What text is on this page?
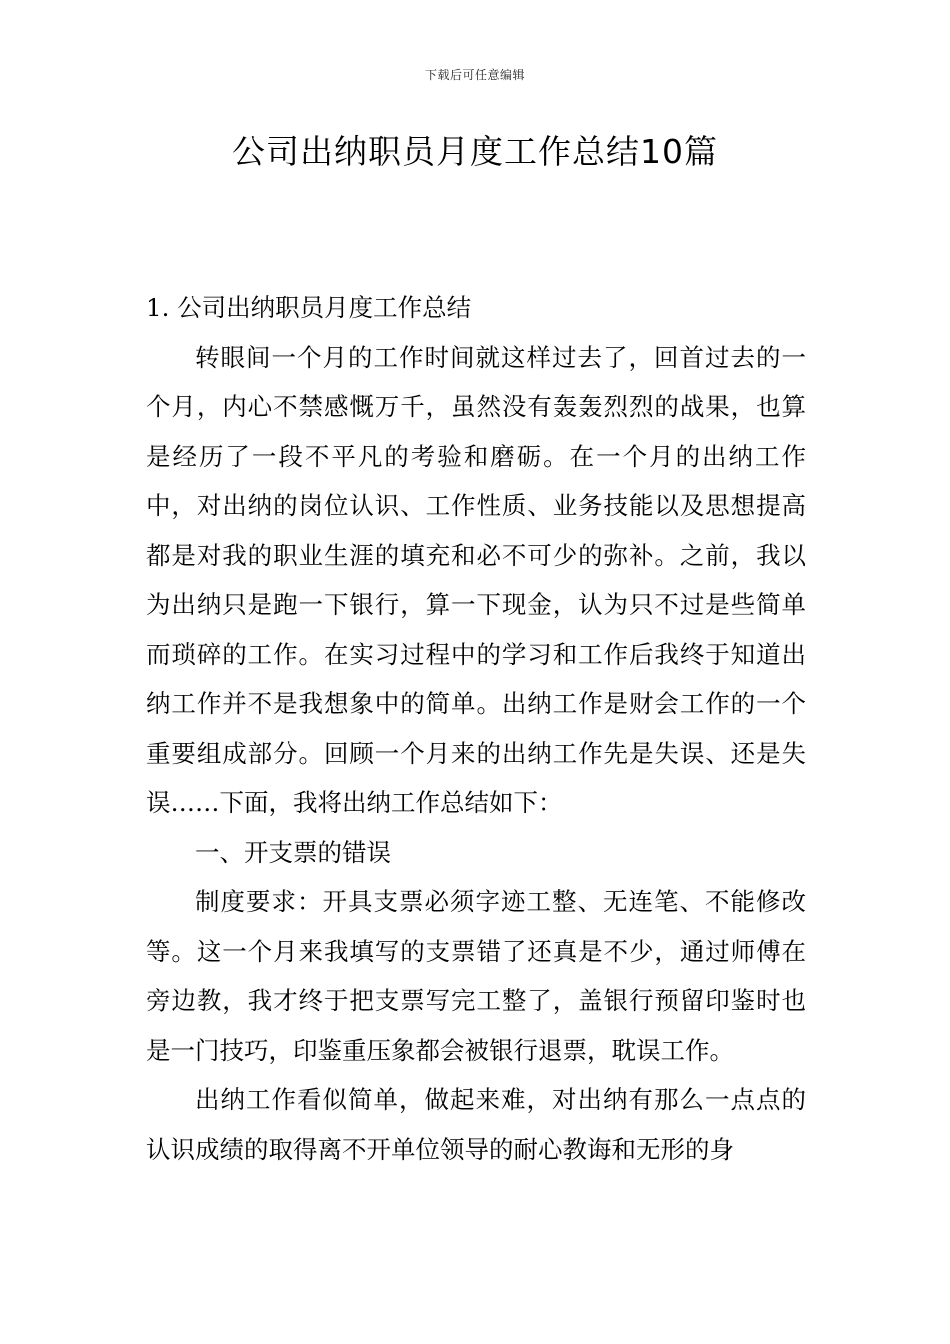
下载后可任意编辑
公司出纳职员月度工作总结10篇

1. 公司出纳职员月度工作总结

转眼间一个月的工作时间就这样过去了，回首过去的一个月，内心不禁感慨万千，虽然没有轰轰烈烈的战果，也算是经历了一段不平凡的考验和磨砺。在一个月的出纳工作中，对出纳的岗位认识、工作性质、业务技能以及思想提高都是对我的职业生涯的填充和必不可少的弥补。之前，我以为出纳只是跑一下银行，算一下现金，认为只不过是些简单而琐碎的工作。在实习过程中的学习和工作后我终于知道出纳工作并不是我想象中的简单。出纳工作是财会工作的一个重要组成部分。回顾一个月来的出纳工作先是失误、还是失误……下面，我将出纳工作总结如下：

一、开支票的错误

制度要求：开具支票必须字迹工整、无连笔、不能修改等。这一个月来我填写的支票错了还真是不少，通过师傅在旁边教，我才终于把支票写完工整了，盖银行预留印鉴时也是一门技巧，印鉴重压象都会被银行退票，耽误工作。

出纳工作看似简单，做起来难，对出纳有那么一点点的认识成绩的取得离不开单位领导的耐心教诲和无形的身
